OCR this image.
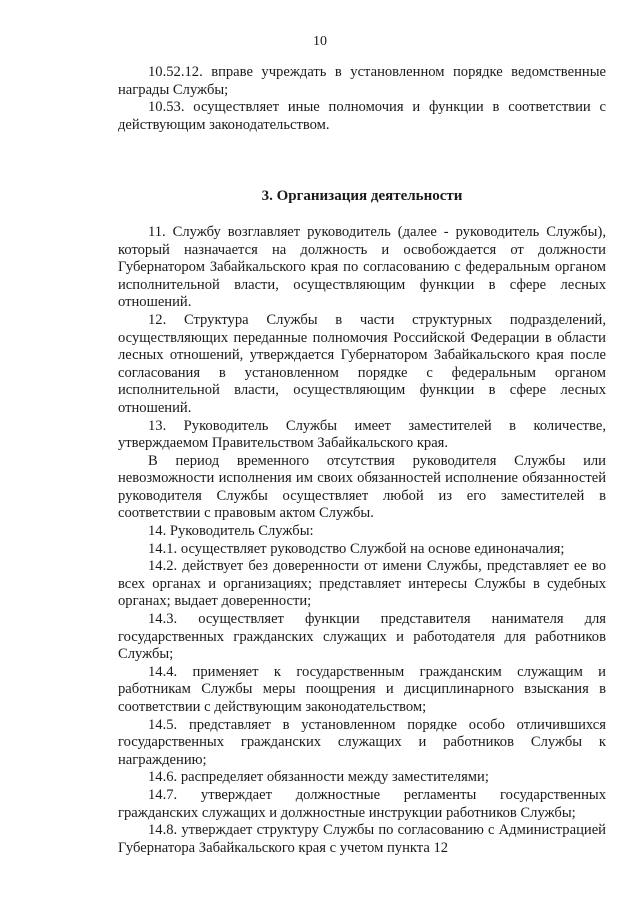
10

10.52.12. вправе учреждать в установленном порядке ведомственные награды Службы;

10.53. осуществляет иные полномочия и функции в соответствии с действующим законодательством.

3. Организация деятельности

11. Службу возглавляет руководитель (далее - руководитель Службы), который назначается на должность и освобождается от должности Губернатором Забайкальского края по согласованию с федеральным органом исполнительной власти, осуществляющим функции в сфере лесных отношений.

12. Структура Службы в части структурных подразделений, осуществляющих переданные полномочия Российской Федерации в области лесных отношений, утверждается Губернатором Забайкальского края после согласования в установленном порядке с федеральным органом исполнительной власти, осуществляющим функции в сфере лесных отношений.

13. Руководитель Службы имеет заместителей в количестве, утверждаемом Правительством Забайкальского края.

В период временного отсутствия руководителя Службы или невозможности исполнения им своих обязанностей исполнение обязанностей руководителя Службы осуществляет любой из его заместителей в соответствии с правовым актом Службы.

14. Руководитель Службы:

14.1. осуществляет руководство Службой на основе единоначалия;

14.2. действует без доверенности от имени Службы, представляет ее во всех органах и организациях; представляет интересы Службы в судебных органах; выдает доверенности;

14.3. осуществляет функции представителя нанимателя для государственных гражданских служащих и работодателя для работников Службы;

14.4. применяет к государственным гражданским служащим и работникам Службы меры поощрения и дисциплинарного взыскания в соответствии с действующим законодательством;

14.5. представляет в установленном порядке особо отличившихся государственных гражданских служащих и работников Службы к награждению;

14.6. распределяет обязанности между заместителями;

14.7. утверждает должностные регламенты государственных гражданских служащих и должностные инструкции работников Службы;

14.8. утверждает структуру Службы по согласованию с Администрацией Губернатора Забайкальского края с учетом пункта 12
